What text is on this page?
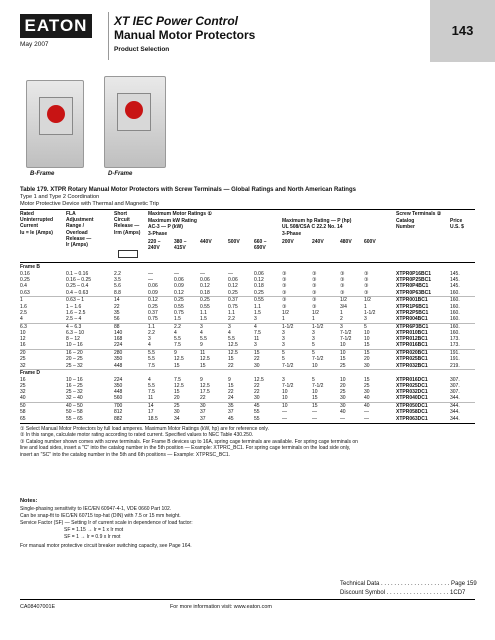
EATON
May 2007
XT IEC Power Control
Manual Motor Protectors
Product Selection
143
B-Frame	D-Frame
Table 179. XTPR Rotary Manual Motor Protectors with Screw Terminals — Global Ratings and North American Ratings
Type 1 and Type 2 Coordination
Motor Protective Device with Thermal and Magnetic Trip
Rated
Uninterrupted
Current
Iu = Ie (Amps)
FLA
Adjustment
Range /
Overload
Release —
Ir (Amps)
Short
Circuit
Release —
Irm (Amps)
Maximum Motor Ratings ①
Maximum kW Rating
AC-3 — P (kW)
3-Phase
Maximum hp Rating — P (hp)
UL 508/CSA C 22.2 No. 14
3-Phase
220 –
240V
380 –
415V
440V	500V	660 –
690V
200V	240V	480V 600V
Screw Terminals ②
Catalog
Number
Price
U.S. $
Frame B
0.16	0.1 – 0.16	2.2	—	—	—	—	0.06	③	③	③	③	XTPR0P16BC1	145.
0.25	0.16 – 0.25	3.5	—	0.06	0.06	0.06	0.12	③	③	③	③	XTPR0P25BC1	145.
0.4	0.25 – 0.4	5.6	0.06	0.09	0.12	0.12	0.18	③	③	③	③	XTPR0P4BC1	145.
0.63	0.4 – 0.63	8.8	0.09	0.12	0.18	0.25	0.25	③	③	③	③	XTPR0P63BC1	160.
1	0.63 – 1	14	0.12	0.25	0.25	0.37	0.55	③	③	1/2	1/2	XTPR001BC1	160.
1.6	1 – 1.6	22	0.25	0.55	0.55	0.75	1.1	③	③	3/4	1	XTPR1P6BC1	160.
2.5	1.6 – 2.5	35	0.37	0.75	1.1	1.1	1.5	1/2	1/2	1	1-1/2	XTPR2P5BC1	160.
4	2.5 – 4	56	0.75	1.5	1.5	2.2	3	1	1	2	3	XTPR004BC1	160.
6.3	4 – 6.3	88	1.1	2.2	3	3	4	1-1/2	1-1/2	3	5	XTPR6P3BC1	160.
10	6.3 – 10	140	2.2	4	4	4	7.5	3	3	7-1/2	10	XTPR010BC1	160.
12	8 – 12	168	3	5.5	5.5	5.5	11	3	3	7-1/2	10	XTPR012BC1	173.
16	10 – 16	224	4	7.5	9	12.5	3	3	5	10	15	XTPR016BC1	173.
20	16 – 20	280	5.5	9	11	12.5	15	5	5	10	15	XTPR020BC1	191.
25	20 – 25	350	5.5	12.5	12.5	15	22	5	7-1/2	15	20	XTPR025BC1	191.
32	25 – 32	448	7.5	15	15	22	30	7-1/2	10	25	30	XTPR032BC1	219.
Frame D
16	10 – 16	224	4	7.5	9	9	12.5	3	5	10	15	XTPR016DC1	307.
25	16 – 25	350	5.5	12.5	12.5	15	22	7-1/2	7-1/2	20	25	XTPR025DC1	307.
32	25 – 32	448	7.5	15	17.5	22	22	10	10	25	30	XTPR032DC1	307.
40	32 – 40	560	11	20	22	24	30	10	15	30	40	XTPR040DC1	344.
50	40 – 50	700	14	25	30	35	45	10	15	30	40	XTPR050DC1	344.
58	50 – 58	812	17	30	37	37	55	—	—	40	—	XTPR058DC1	344.
65	55 – 65	882	18.5	34	37	45	55	—	—	—	—	XTPR063DC1	344.
① Select Manual Motor Protectors by full load amperes. Maximum Motor Ratings (kW, hp) are for reference only.
② In this range, calculate motor rating according to rated current. Specified values to NEC Table 430.250.
③ Catalog number shown comes with screw terminals. For Frame B devices up to 16A, spring cage terminals are available. For spring cage terminals on
line and load sides, insert a "C" into the catalog number in the 5th position — Example: XTPRC_BC1. For spring cage terminals on the load side only,
insert an "SC" into the catalog number in the 5th and 6th positions — Example: XTPRSC_BC1.
Notes:
Single-phasing sensitivity to IEC/EN 60947-4-1, VDE 0660 Part 102.
Can be snap-fit to IEC/EN 60715 top-hat (DIN) with 7.5 or 15 mm height.
Service Factor (SF) — Setting Ir of current scale in dependence of load factor:
SF = 1.15 → Ir = 1 x Ir mot
SF = 1 → Ir = 0.9 x Ir mot
For manual motor protective circuit breaker switching capacity, see Page 164.
Technical Data . . . . . . . . . . . . . . . . . . . . . Page 159
Discount Symbol . . . . . . . . . . . . . . . . . . . 1CD7
CA08407001E	For more information visit: www.eaton.com
